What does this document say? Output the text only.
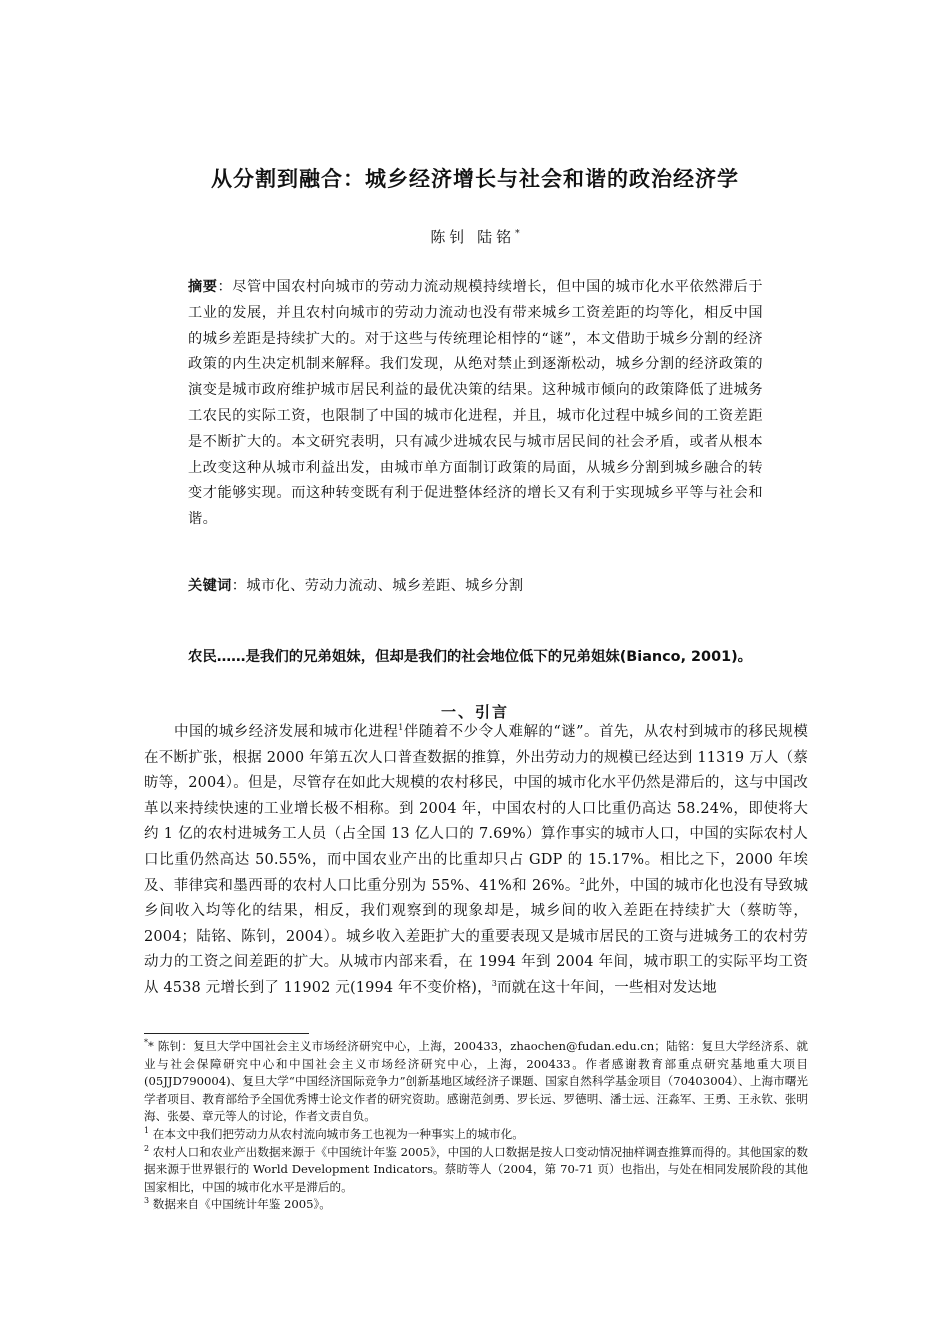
从分割到融合：城乡经济增长与社会和谐的政治经济学
陈钊 陆铭*
摘要：尽管中国农村向城市的劳动力流动规模持续增长，但中国的城市化水平依然滞后于工业的发展，并且农村向城市的劳动力流动也没有带来城乡工资差距的均等化，相反中国的城乡差距是持续扩大的。对于这些与传统理论相悖的“谜”，本文借助于城乡分割的经济政策的内生决定机制来解释。我们发现，从绝对禁止到逐渐松动，城乡分割的经济政策的演变是城市政府维护城市居民利益的最优决策的结果。这种城市倾向的政策降低了进城务工农民的实际工资，也限制了中国的城市化进程，并且，城市化过程中城乡间的工资差距是不断扩大的。本文研究表明，只有减少进城农民与城市居民间的社会矛盾，或者从根本上改变这种从城市利益出发，由城市单方面制订政策的局面，从城乡分割到城乡融合的转变才能够实现。而这种转变既有利于促进整体经济的增长又有利于实现城乡平等与社会和谐。
关键词：城市化、劳动力流动、城乡差距、城乡分割
农民……是我们的兄弟姐妹，但却是我们的社会地位低下的兄弟姐妹(Bianco, 2001)。
一、引言
中国的城乡经济发展和城市化进程$^1$伴随着不少令人难解的“谜”。首先，从农村到城市的移民规模在不断扩张，根据 2000 年第五次人口普查数据的推算，外出劳动力的规模已经达到 11319 万人（蔡昉等，2004）。但是，尽管存在如此大规模的农村移民，中国的城市化水平仍然是滞后的，这与中国改革以来持续快速的工业增长极不相称。到 2004 年，中国农村的人口比重仍高达 58.24%，即使将大约 1 亿的农村进城务工人员（占全国 13 亿人口的 7.69%）算作事实的城市人口，中国的实际农村人口比重仍然高达 50.55%，而中国农业产出的比重却只占 GDP 的 15.17%。相比之下，2000 年埃及、菲律宾和墨西哥的农村人口比重分别为 55%、41%和 26%。$^2$此外，中国的城市化也没有导致城乡间收入均等化的结果，相反，我们观察到的现象却是，城乡间的收入差距在持续扩大（蔡昉等，2004；陆铭、陈钊，2004）。城乡收入差距扩大的重要表现又是城市居民的工资与进城务工的农村劳动力的工资之间差距的扩大。从城市内部来看，在 1994 年到 2004 年间，城市职工的实际平均工资从 4538 元增长到了 11902 元(1994 年不变价格)，$^3$而就在这十年间，一些相对发达地

** 陈钊：复旦大学中国社会主义市场经济研究中心，上海，200433，zhaochen@fudan.edu.cn；陆铭：复旦大学经济系、就业与社会保障研究中心和中国社会主义市场经济研究中心，上海，200433。作者感谢教育部重点研究基地重大项目(05JJD790004)、复旦大学“中国经济国际竞争力”创新基地区域经济子课题、国家自然科学基金项目（70403004）、上海市曙光学者项目、教育部给予全国优秀博士论文作者的研究资助。感谢范剑勇、罗长远、罗德明、潘士远、汪淼军、王勇、王永钦、张明海、张晏、章元等人的讨论，作者文责自负。

$^1$ 在本文中我们把劳动力从农村流向城市务工也视为一种事实上的城市化。

$^2$ 农村人口和农业产出数据来源于《中国统计年鉴 2005》，中国的人口数据是按人口变动情况抽样调查推算而得的。其他国家的数据来源于世界银行的 World Development Indicators。蔡昉等人（2004，第 70-71 页）也指出，与处在相同发展阶段的其他国家相比，中国的城市化水平是滞后的。

$^3$ 数据来自《中国统计年鉴 2005》。
